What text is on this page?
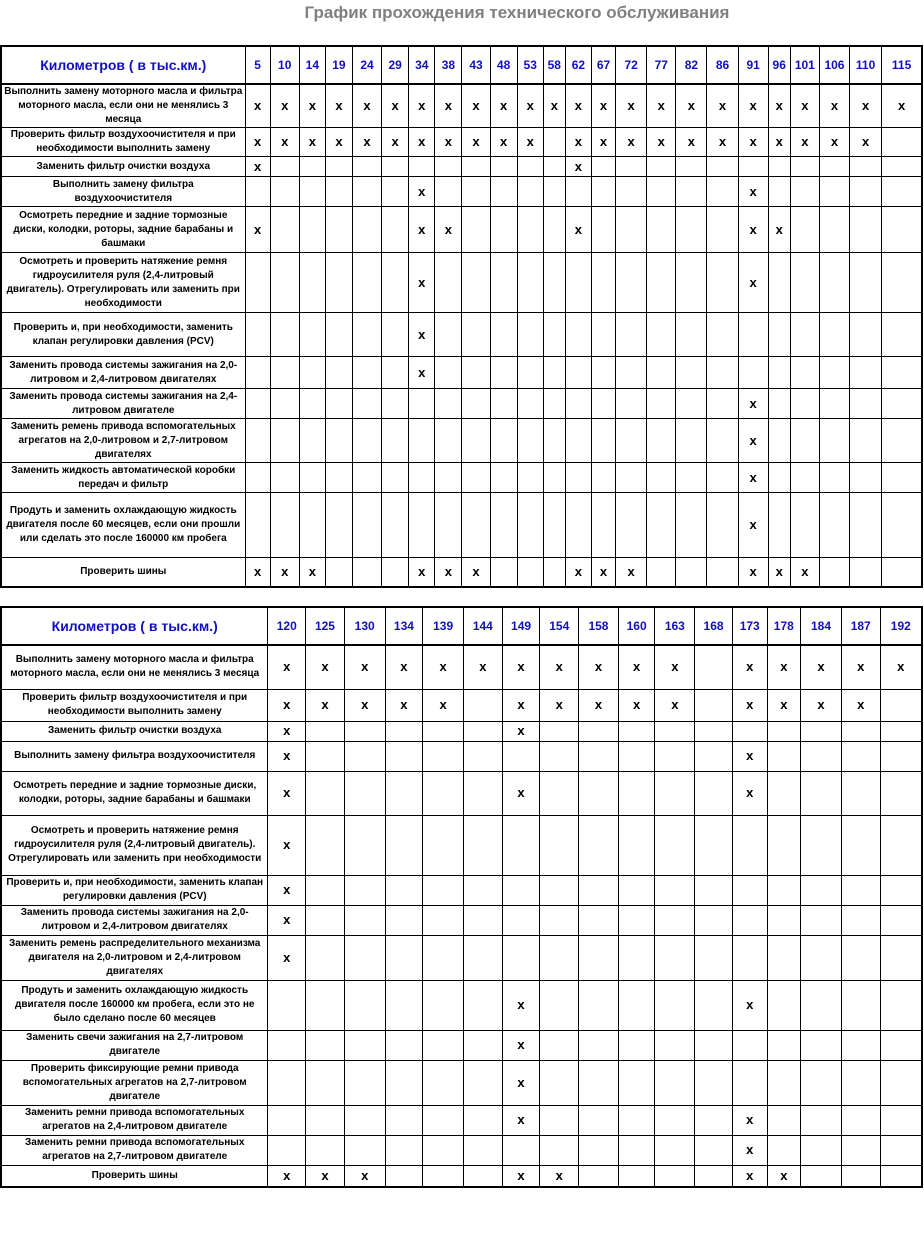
График прохождения технического обслуживания
Километров ( в тыс.км.)	5	10	14	19	24	29	34	38	43	48	53	58	62	67	72	77	82	86	91	96	101	106	110	115
Выполнить замену моторного масла и фильтра моторного масла, если они не менялись 3 месяца	x	x	x	x	x	x	x	x	x	x	x	x	x	x	x	x	x	x	x	x	x	x	x	x
Проверить фильтр воздухоочистителя и при необходимости выполнить замену	x	x	x	x	x	x	x	x	x	x	x		x	x	x	x	x	x	x	x	x	x	x	
Заменить фильтр очистки воздуха	x												x											
Выполнить замену фильтра воздухоочистителя							x												x					
Осмотреть передние и задние тормозные диски, колодки, роторы, задние барабаны и башмаки	x						x	x					x						x	x				
Осмотреть и проверить натяжение ремня гидроусилителя руля (2,4-литровый двигатель). Отрегулировать или заменить при необходимости							x												x					
Проверить и, при необходимости, заменить клапан регулировки давления (PCV)							x																	
Заменить провода системы зажигания на 2,0-литровом и 2,4-литровом двигателях							x																	
Заменить провода системы зажигания на 2,4-литровом двигателе																			x					
Заменить ремень привода вспомогательных агрегатов на 2,0-литровом и 2,7-литровом двигателях																			x					
Заменить жидкость автоматической коробки передач и фильтр																			x					
Продуть и заменить охлаждающую жидкость двигателя после 60 месяцев, если они прошли или сделать это после 160000 км пробега																			x					
Проверить шины	x	x	x				x	x	x				x	x	x				x	x	x			
Километров ( в тыс.км.)	120	125	130	134	139	144	149	154	158	160	163	168	173	178	184	187	192
Выполнить замену моторного масла и фильтра моторного масла, если они не менялись 3 месяца	x	x	x	x	x	x	x	x	x	x	x		x	x	x	x	x
Проверить фильтр воздухоочистителя и при необходимости выполнить замену	x	x	x	x	x		x	x	x	x	x		x	x	x	x	
Заменить фильтр очистки воздуха	x						x										
Выполнить замену фильтра воздухоочистителя	x												x				
Осмотреть передние и задние тормозные диски, колодки, роторы, задние барабаны и башмаки	x						x						x				
Осмотреть и проверить натяжение ремня гидроусилителя руля (2,4-литровый двигатель). Отрегулировать или заменить при необходимости	x																
Проверить и, при необходимости, заменить клапан регулировки давления (PCV)	x																
Заменить провода системы зажигания на 2,0-литровом и 2,4-литровом двигателях	x																
Заменить ремень распределительного механизма двигателя на 2,0-литровом и 2,4-литровом двигателях	x																
Продуть и заменить охлаждающую жидкость двигателя после 160000 км пробега, если это не было сделано после 60 месяцев							x						x				
Заменить свечи зажигания на 2,7-литровом двигателе							x										
Проверить фиксирующие ремни привода вспомогательных агрегатов на 2,7-литровом двигателе							x										
Заменить ремни привода вспомогательных агрегатов на 2,4-литровом двигателе							x						x				
Заменить ремни привода вспомогательных агрегатов на 2,7-литровом двигателе													x				
Проверить шины	x	x	x				x	x					x	x			
